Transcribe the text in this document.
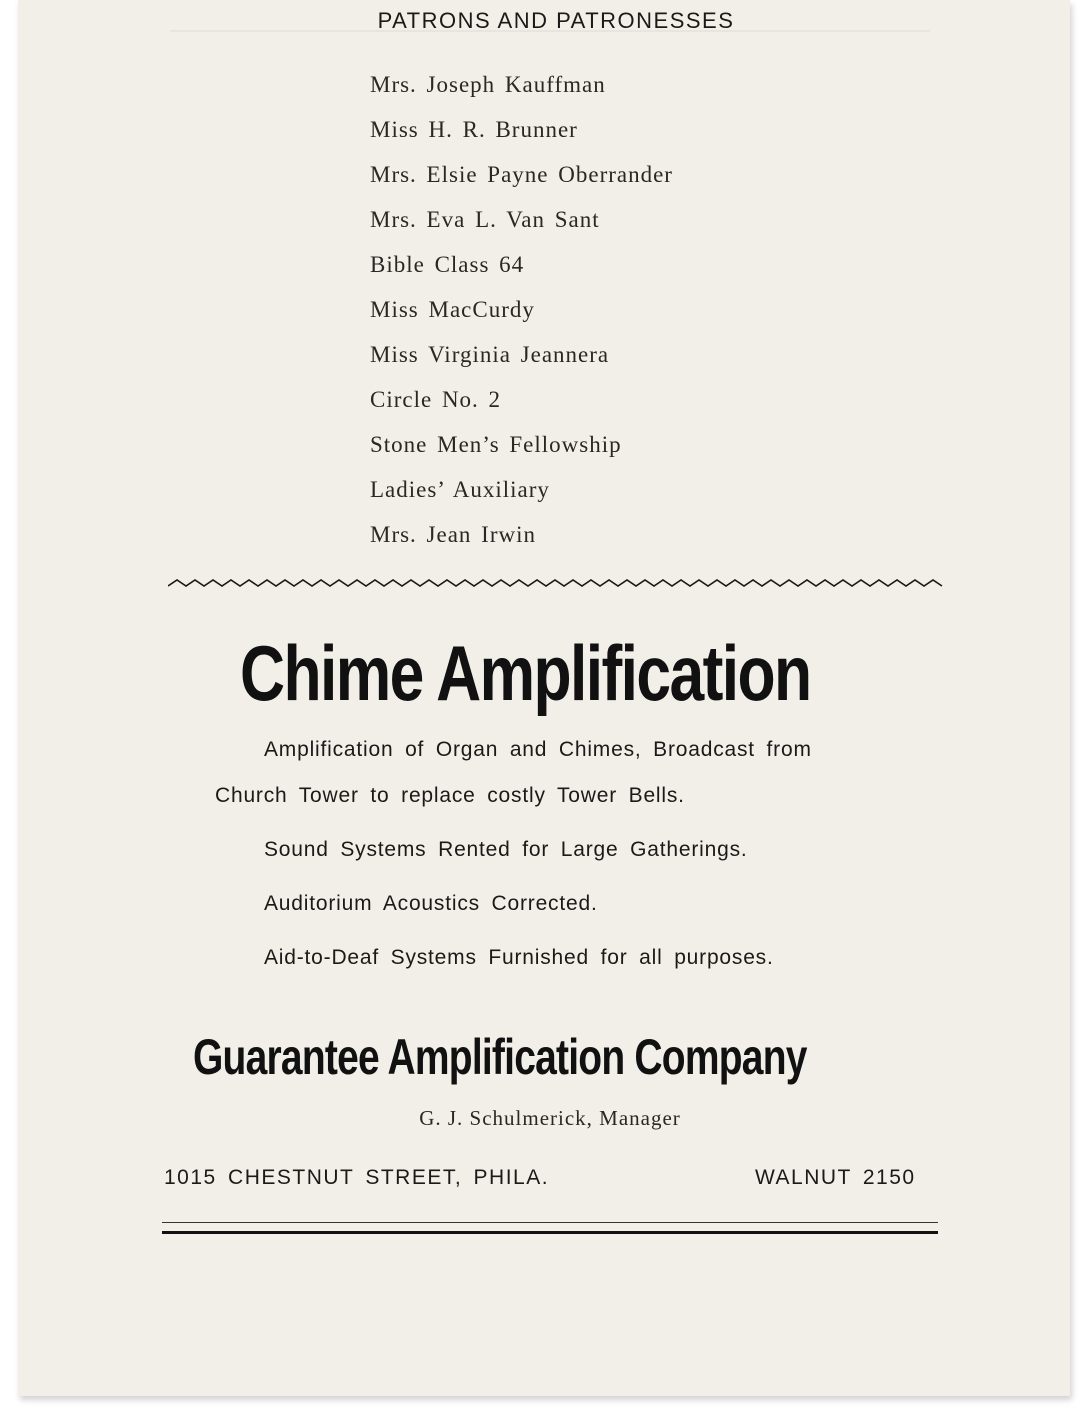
PATRONS AND PATRONESSES
Mrs. Joseph Kauffman
Miss H. R. Brunner
Mrs. Elsie Payne Oberrander
Mrs. Eva L. Van Sant
Bible Class 64
Miss MacCurdy
Miss Virginia Jeannera
Circle No. 2
Stone Men’s Fellowship
Ladies’ Auxiliary
Mrs. Jean Irwin
Chime Amplification
Amplification of Organ and Chimes, Broadcast from
Church Tower to replace costly Tower Bells.
Sound Systems Rented for Large Gatherings.
Auditorium Acoustics Corrected.
Aid-to-Deaf Systems Furnished for all purposes.
Guarantee Amplification Company
G. J. Schulmerick, Manager
1015 CHESTNUT STREET, PHILA.	WALNUT 2150
